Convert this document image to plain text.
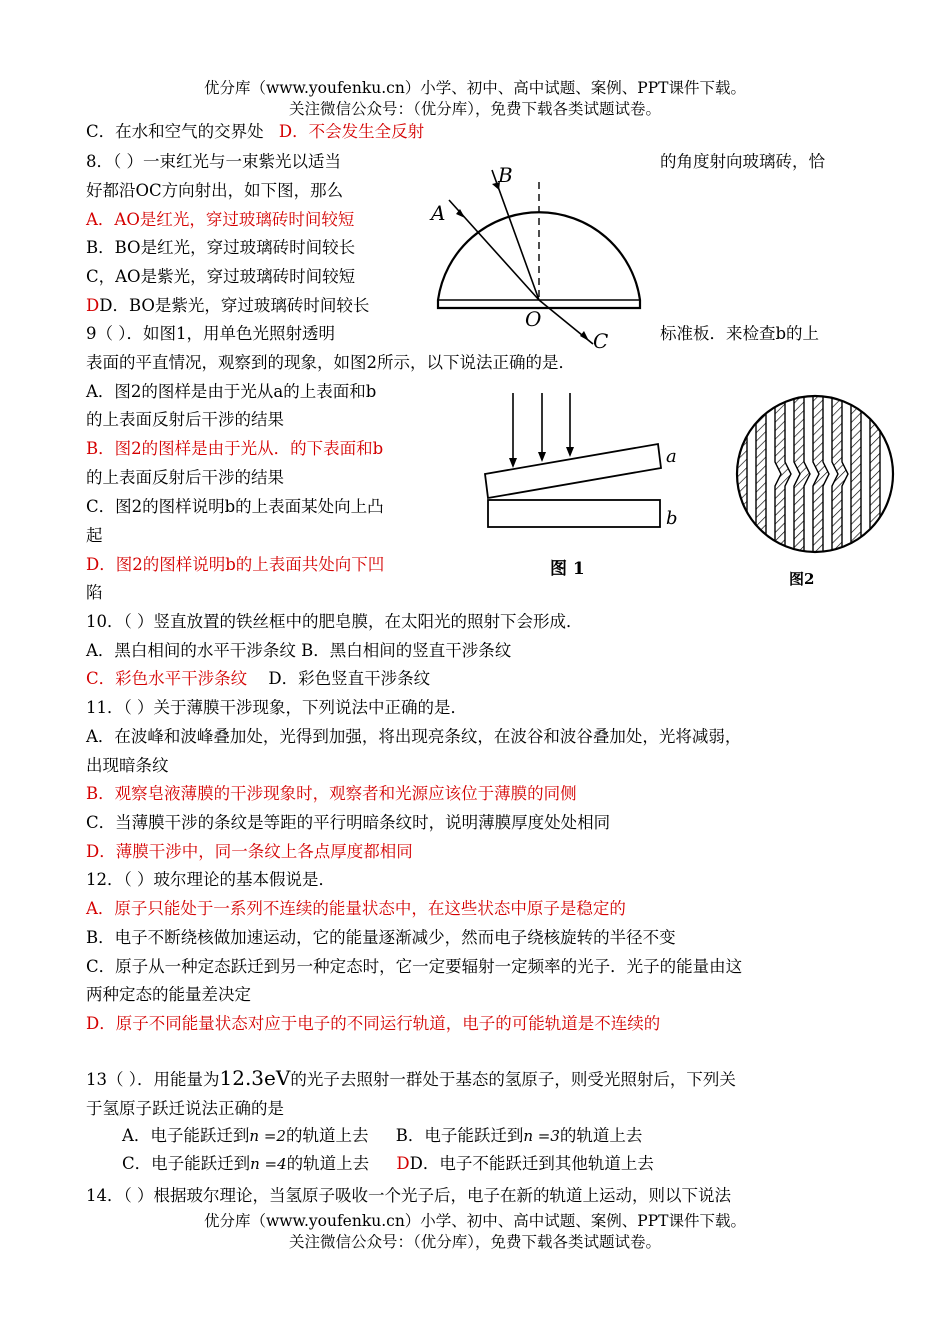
优分库（www.youfenku.cn）小学、初中、高中试题、案例、PPT课件下载。
关注微信公众号：（优分库），免费下载各类试题试卷。
C．在水和空气的交界处 D．不会发生全反射
8．（ ）一束红光与一束紫光以适当	的角度射向玻璃砖，恰
好都沿OC方向射出，如下图，那么
A．AO是红光，穿过玻璃砖时间较短
B．BO是红光，穿过玻璃砖时间较长
C，AO是紫光，穿过玻璃砖时间较短
DD．BO是紫光，穿过玻璃砖时间较长
A
B
O
C
9（ ）．如图1，用单色光照射透明	标准板．来检查b的上
表面的平直情况，观察到的现象，如图2所示，以下说法正确的是．
A．图2的图样是由于光从a的上表面和b
的上表面反射后干涉的结果
B．图2的图样是由于光从．的下表面和b
的上表面反射后干涉的结果
C．图2的图样说明b的上表面某处向上凸
起
D．图2的图样说明b的上表面共处向下凹
陷
a
b
图 1	图2
10．（ ）竖直放置的铁丝框中的肥皂膜，在太阳光的照射下会形成．
A．黑白相间的水平干涉条纹 B．黑白相间的竖直干涉条纹
C．彩色水平干涉条纹 D．彩色竖直干涉条纹
11．（ ）关于薄膜干涉现象，下列说法中正确的是．
A．在波峰和波峰叠加处，光得到加强，将出现亮条纹，在波谷和波谷叠加处，光将减弱，
出现暗条纹
B．观察皂液薄膜的干涉现象时，观察者和光源应该位于薄膜的同侧
C．当薄膜干涉的条纹是等距的平行明暗条纹时，说明薄膜厚度处处相同
D．薄膜干涉中，同一条纹上各点厚度都相同
12．（ ）玻尔理论的基本假说是．
A．原子只能处于一系列不连续的能量状态中，在这些状态中原子是稳定的
B．电子不断绕核做加速运动，它的能量逐渐减少，然而电子绕核旋转的半径不变
C．原子从一种定态跃迁到另一种定态时，它一定要辐射一定频率的光子．光子的能量由这
两种定态的能量差决定
D．原子不同能量状态对应于电子的不同运行轨道，电子的可能轨道是不连续的
13（ ）．用能量为12.3eV的光子去照射一群处于基态的氢原子，则受光照射后，下列关
于氢原子跃迁说法正确的是
A．电子能跃迁到n =2的轨道上去 B．电子能跃迁到n =3的轨道上去
C．电子能跃迁到n =4的轨道上去 DD．电子不能跃迁到其他轨道上去
14．（ ）根据玻尔理论，当氢原子吸收一个光子后，电子在新的轨道上运动，则以下说法
优分库（www.youfenku.cn）小学、初中、高中试题、案例、PPT课件下载。
关注微信公众号：（优分库），免费下载各类试题试卷。
